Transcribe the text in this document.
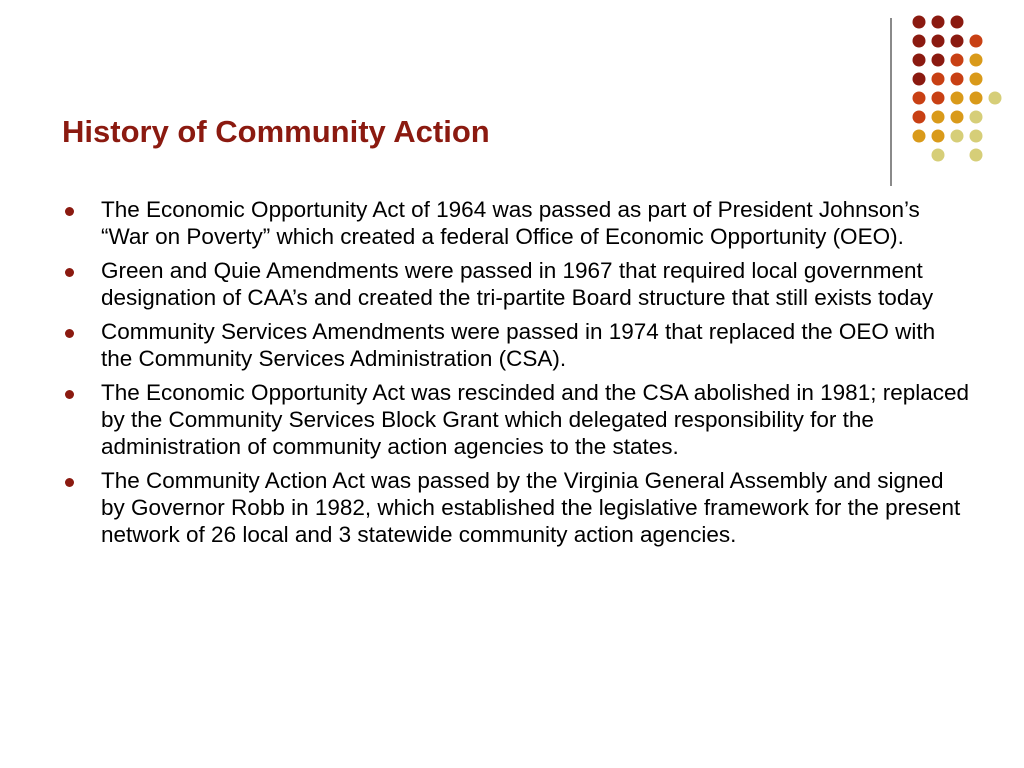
History of Community Action
The Economic Opportunity Act of 1964 was passed as part of President Johnson’s “War on Poverty” which created a federal Office of Economic Opportunity (OEO).
Green and Quie Amendments were passed in 1967 that required local government designation of CAA’s and created the tri-partite Board structure that still exists today
Community Services Amendments were passed in 1974 that replaced the OEO with the Community Services Administration (CSA).
The Economic Opportunity Act was rescinded and the CSA abolished in 1981; replaced by the Community Services Block Grant which delegated responsibility for the administration of community action agencies to the states.
The Community Action Act was passed by the Virginia General Assembly and signed by Governor Robb in 1982, which established the legislative framework for the present network of 26 local and 3 statewide community action agencies.
